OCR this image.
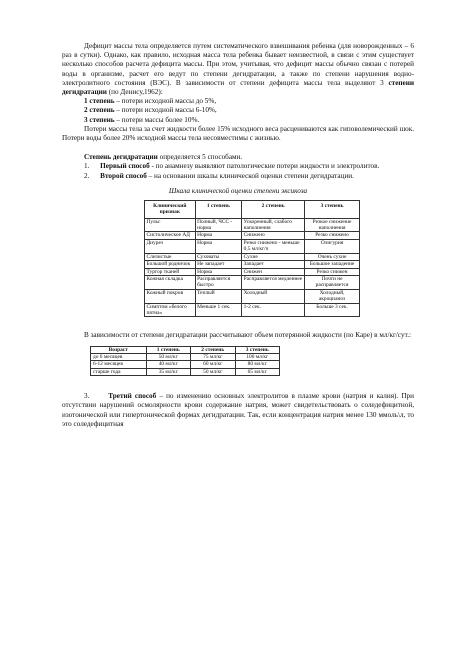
Дефицит массы тела определяется путем систематического взвешивания ребенка (для новорожденных – 6 раз в сутки). Однако, как правило, исходная масса тела ребенка бывает неизвестной, в связи с этим существует несколько способов расчета дефицита массы. При этом, учитывая, что дефицит массы обычно связан с потерей воды в организме, расчет его ведут по степени дегидратации, а также по степени нарушения водно-электролитного состояния (ВЭС). В зависимости от степени дефицита массы тела выделяют 3 степени дегидратации (по Денису,1962):

1 степень – потери исходной массы до 5%,

2 степень – потери исходной массы 6-10%,

3 степень – потери массы более 10%.

Потери массы тела за счет жидкости более 15% исходного веса расцениваются как гиповолемический шок. Потери воды более 20% исходной массы тела несовместимы с жизнью.

Степень дегидратации определяется 5 способами.

1. Первый способ - по анамнезу выявляют патологические потери жидкости и электролитов.

2. Второй способ – на основании шкалы клинической оценки степени дегидратации.

Шкала клинической оценки степени эксикоза
Клинический признак	1 степень	2 степень	3 степень
Пульс	Полный, ЧСС - норма	Ускоренный, слабого наполнения	Резкое снижение наполнения
Систолическое АД	Норма	Снижено	Резко снижено
Диурез	Норма	Резко снижено - меньше 0,5 мл/кг/ч	Олигурия
Слизистые	Суховаты	Сухие	Очень сухие
Большой родничок	Не западает	Западает	Большое западение
Тургор тканей	Норма	Снижен	Резко снижен
Кожная складка	Расправляется быстро	Расправляется медленнее	Почти не расправляется
Кожный покров	Теплый	Холодный	Холодный, акроцианоз
Симптом «белого пятна»	Меньше 1 сек.	1-2 сек.	Больше 3 сек.

В зависимости от степени дегидратации рассчитывают объем потерянной жидкости (по Каре) в мл/кг/сут.:

Возраст	1 степень	2 степень	3 степень
до 6 месяцев	50 мл/кг	75 мл/кг	100 мл/кг
6-12 месяцев	40 мл/кг	60 мл/кг	80 мл/кг
старше года	35 мл/кг	50 мл/кг	65 мл/кг

3.	Третий способ – по изменению основных электролитов в плазме крови (натрия и калия). При отсутствии нарушений осмолярности крови содержание натрия, может свидетельствовать о соледефицитной, изотонической или гипертонической формах дегидратации. Так, если концентрация натрия менее 130 ммоль\л, то это соледефицитная
